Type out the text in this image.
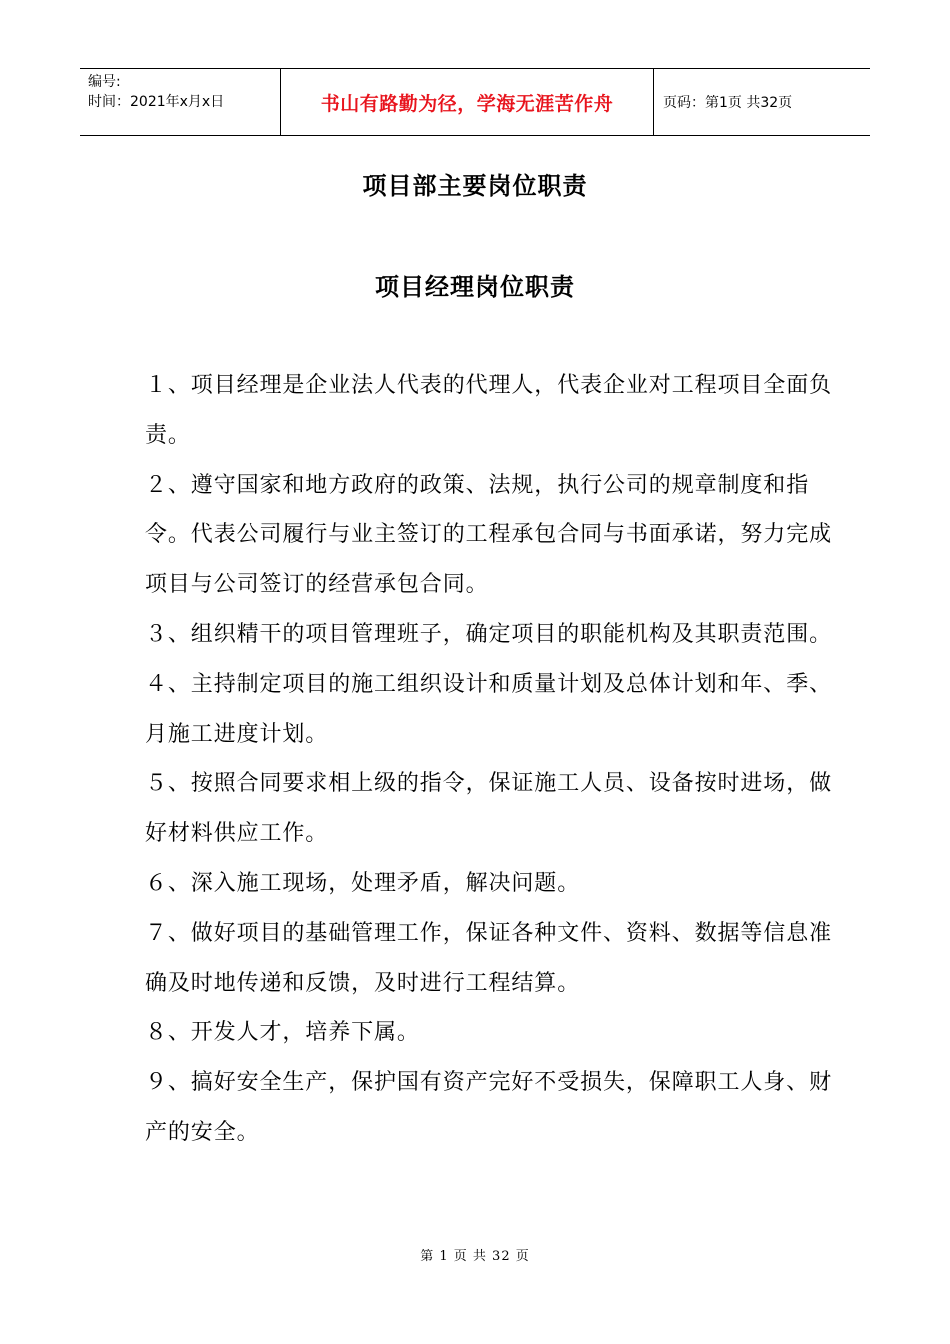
编号:
时间：2021年x月x日	书山有路勤为径，学海无涯苦作舟	页码：第1页 共32页
项目部主要岗位职责
项目经理岗位职责

１、项目经理是企业法人代表的代理人，代表企业对工程项目全面负责。

２、遵守国家和地方政府的政策、法规，执行公司的规章制度和指令。代表公司履行与业主签订的工程承包合同与书面承诺，努力完成项目与公司签订的经营承包合同。

３、组织精干的项目管理班子，确定项目的职能机构及其职责范围。

４、主持制定项目的施工组织设计和质量计划及总体计划和年、季、月施工进度计划。

５、按照合同要求相上级的指令，保证施工人员、设备按时进场，做好材料供应工作。

６、深入施工现场，处理矛盾，解决问题。

７、做好项目的基础管理工作，保证各种文件、资料、数据等信息准确及时地传递和反馈，及时进行工程结算。

８、开发人才，培养下属。

９、搞好安全生产，保护国有资产完好不受损失，保障职工人身、财产的安全。

第 1 页 共 32 页
